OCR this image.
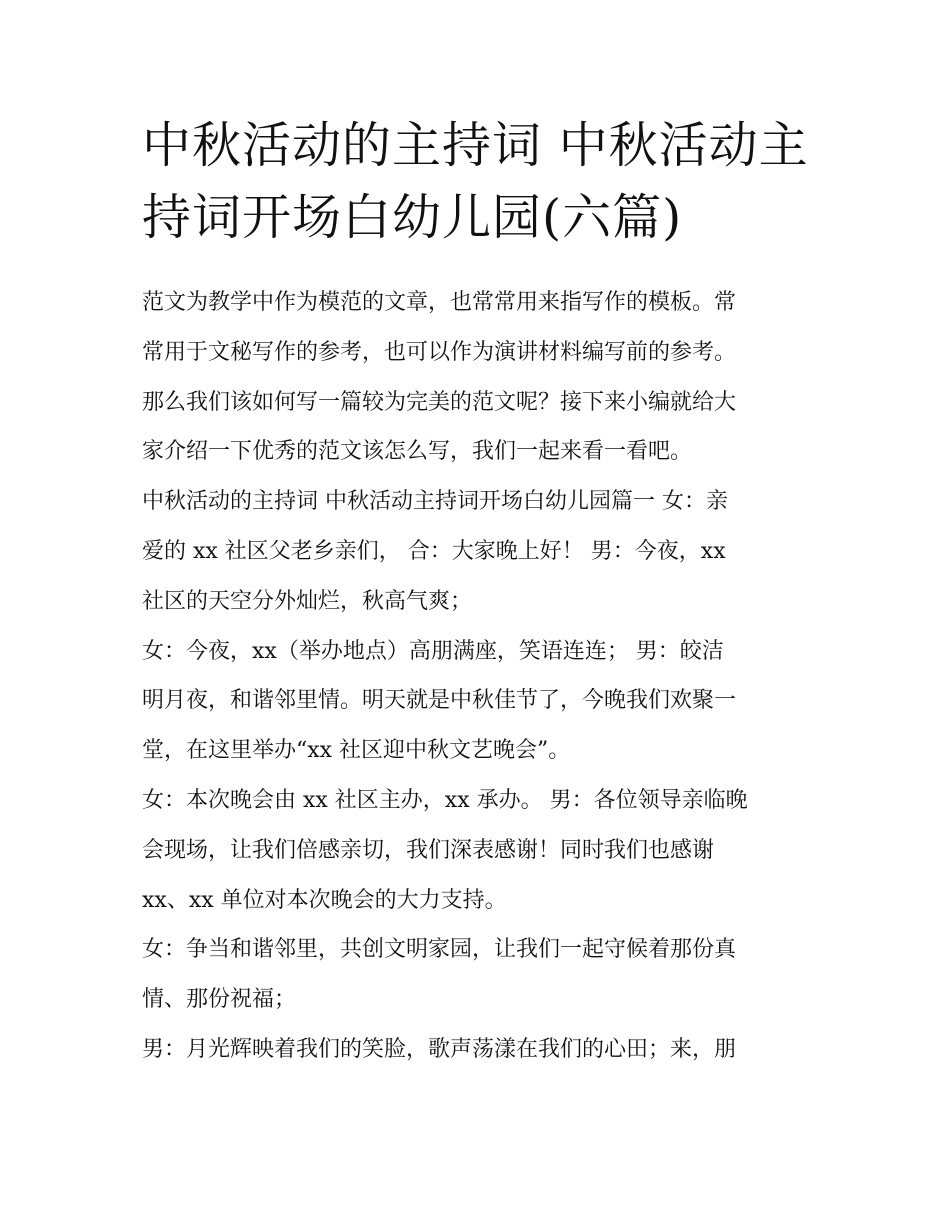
中秋活动的主持词 中秋活动主
持词开场白幼儿园(六篇)
范文为教学中作为模范的文章，也常常用来指写作的模板。常
常用于文秘写作的参考，也可以作为演讲材料编写前的参考。
那么我们该如何写一篇较为完美的范文呢？接下来小编就给大
家介绍一下优秀的范文该怎么写，我们一起来看一看吧。
中秋活动的主持词 中秋活动主持词开场白幼儿园篇一 女：亲
爱的 xx 社区父老乡亲们， 合：大家晚上好！ 男：今夜，xx
社区的天空分外灿烂，秋高气爽；
女：今夜，xx（举办地点）高朋满座，笑语连连； 男：皎洁
明月夜，和谐邻里情。明天就是中秋佳节了，今晚我们欢聚一
堂，在这里举办“xx 社区迎中秋文艺晚会”。
女：本次晚会由 xx 社区主办，xx 承办。 男：各位领导亲临晚
会现场，让我们倍感亲切，我们深表感谢！同时我们也感谢
xx、xx 单位对本次晚会的大力支持。
女：争当和谐邻里，共创文明家园，让我们一起守候着那份真
情、那份祝福；
男：月光辉映着我们的笑脸，歌声荡漾在我们的心田；来，朋
